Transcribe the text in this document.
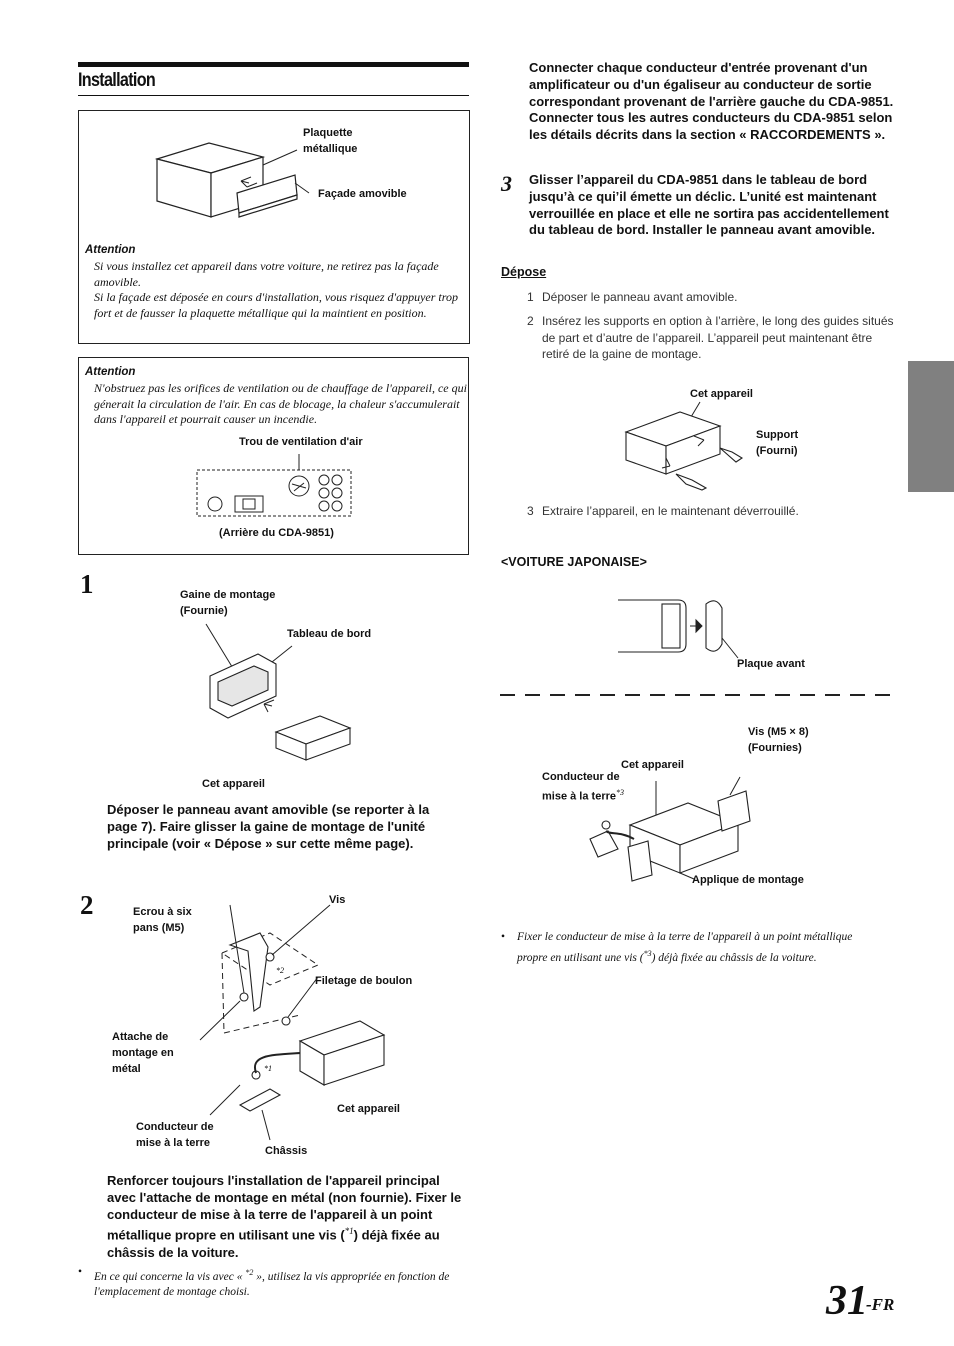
Installation
Plaquette métallique
Façade amovible
Attention
Si vous installez cet appareil dans votre voiture, ne retirez pas la façade amovible.
Si la façade est déposée en cours d'installation, vous risquez d'appuyer trop fort et de fausser la plaquette métallique qui la maintient en position.
Attention
N'obstruez pas les orifices de ventilation ou de chauffage de l'appareil, ce qui génerait la circulation de l'air. En cas de blocage, la chaleur s'accumulerait dans l'appareil et pourrait causer un incendie.
Trou de ventilation d'air
(Arrière du CDA-9851)
1	Gaine de montage (Fournie)
Tableau de bord
Cet appareil
Déposer le panneau avant amovible (se reporter à la page 7). Faire glisser la gaine de montage de l'unité principale (voir « Dépose » sur cette même page).
2	Ecrou à six pans (M5)
Vis
Filetage de boulon
Attache de montage en métal
Conducteur de mise à la terre
Châssis
Cet appareil
*2
*1
Renforcer toujours l'installation de l'appareil principal avec l'attache de montage en métal (non fournie). Fixer le conducteur de mise à la terre de l'appareil à un point métallique propre en utilisant une vis ($^{*1}$) déjà fixée au châssis de la voiture.
• En ce qui concerne la vis avec « $^{*2}$ », utilisez la vis appropriée en fonction de l'emplacement de montage choisi.
Connecter chaque conducteur d'entrée provenant d'un amplificateur ou d'un égaliseur au conducteur de sortie correspondant provenant de l'arrière gauche du CDA-9851. Connecter tous les autres conducteurs du CDA-9851 selon les détails décrits dans la section « RACCORDEMENTS ».
3 Glisser l’appareil du CDA-9851 dans le tableau de bord jusqu’à ce qui’il émette un déclic. L’unité est maintenant verrouillée en place et elle ne sortira pas accidentellement du tableau de bord. Installer le panneau avant amovible.
Dépose
1 Déposer le panneau avant amovible.
2 Insérez les supports en option à l’arrière, le long des guides situés de part et d’autre de l’appareil. L’appareil peut maintenant être retiré de la gaine de montage.
Cet appareil
Support (Fourni)
3 Extraire l’appareil, en le maintenant déverrouillé.
<VOITURE JAPONAISE>
Plaque avant
Vis (M5 × 8) (Fournies)
Cet appareil
Conducteur de mise à la terre$^{*3}$
Applique de montage
• Fixer le conducteur de mise à la terre de l'appareil à un point métallique propre en utilisant une vis ($^{*3}$) déjà fixée au châssis de la voiture.
31
-FR
